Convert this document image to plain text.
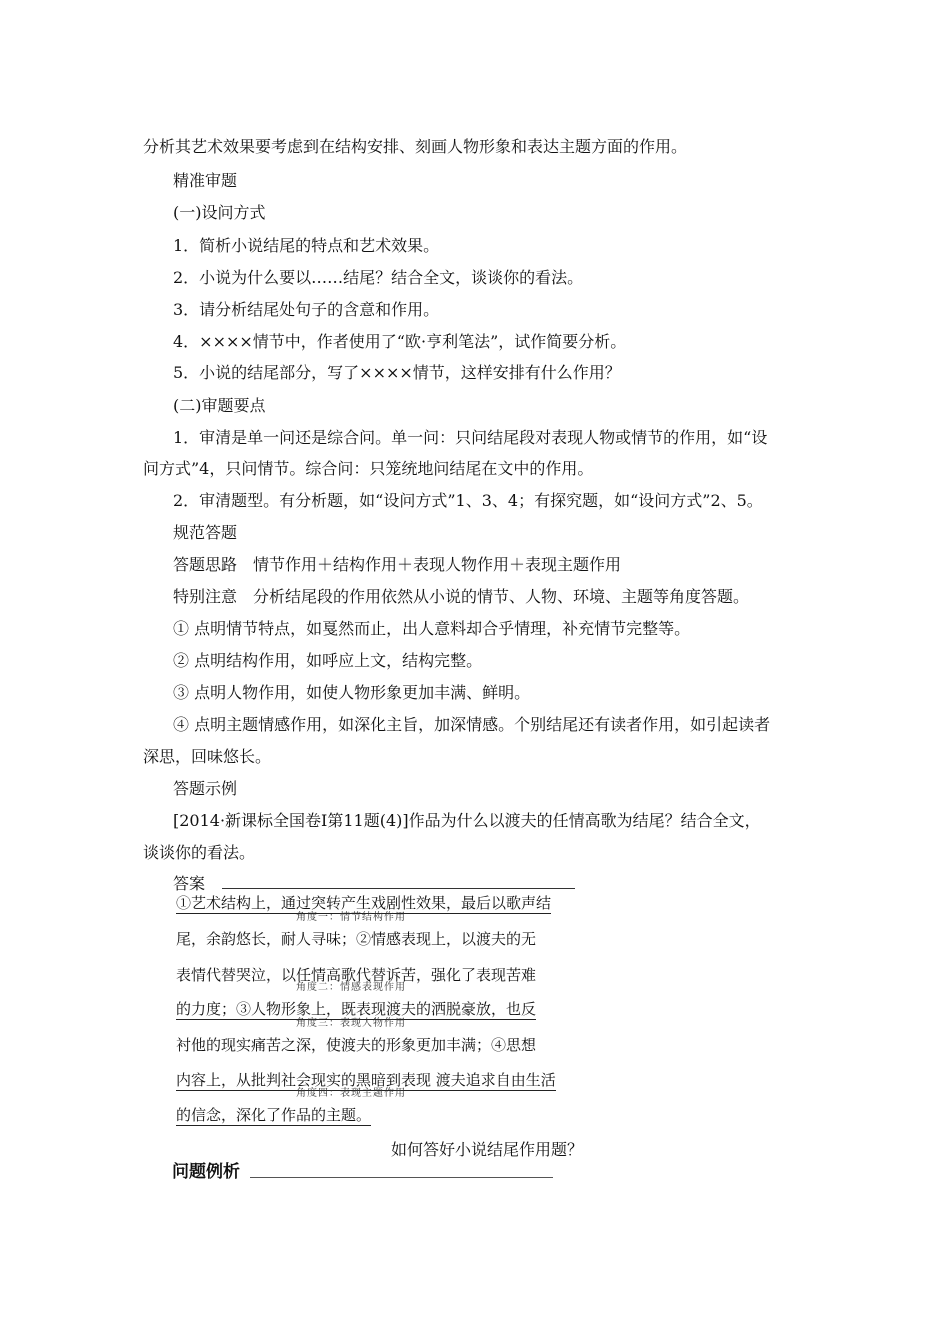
分析其艺术效果要考虑到在结构安排、刻画人物形象和表达主题方面的作用。
精准审题
(一)设问方式
1．简析小说结尾的特点和艺术效果。
2．小说为什么要以……结尾？结合全文，谈谈你的看法。
3．请分析结尾处句子的含意和作用。
4．××××情节中，作者使用了“欧·亨利笔法”，试作简要分析。
5．小说的结尾部分，写了××××情节，这样安排有什么作用？
(二)审题要点
1．审清是单一问还是综合问。单一问：只问结尾段对表现人物或情节的作用，如“设
问方式”4，只问情节。综合问：只笼统地问结尾在文中的作用。
2．审清题型。有分析题，如“设问方式”1、3、4；有探究题，如“设问方式”2、5。
规范答题
答题思路　情节作用＋结构作用＋表现人物作用＋表现主题作用
特别注意　分析结尾段的作用依然从小说的情节、人物、环境、主题等角度答题。
① 点明情节特点，如戛然而止，出人意料却合乎情理，补充情节完整等。
② 点明结构作用，如呼应上文，结构完整。
③ 点明人物作用，如使人物形象更加丰满、鲜明。
④ 点明主题情感作用，如深化主旨，加深情感。个别结尾还有读者作用，如引起读者
深思，回味悠长。
答题示例
[2014·新课标全国卷Ⅰ第11题(4)]作品为什么以渡夫的任情高歌为结尾？结合全文，
谈谈你的看法。
答案
①艺术结构上，通过突转产生戏剧性效果，最后以歌声结
角度一：情节结构作用
尾，余韵悠长，耐人寻味；②情感表现上，以渡夫的无
表情代替哭泣，以任情高歌代替诉苦，强化了表现苦难
的力度；③人物形象上，既表现渡夫的洒脱豪放，也反
角度二：情感表现作用
角度三：表现人物作用
衬他的现实痛苦之深，使渡夫的形象更加丰满；④思想
内容上，从批判社会现实的黑暗到表现 渡夫追求自由生活
角度四：表现主题作用
的信念，深化了作品的主题。
如何答好小说结尾作用题？
问题例析
